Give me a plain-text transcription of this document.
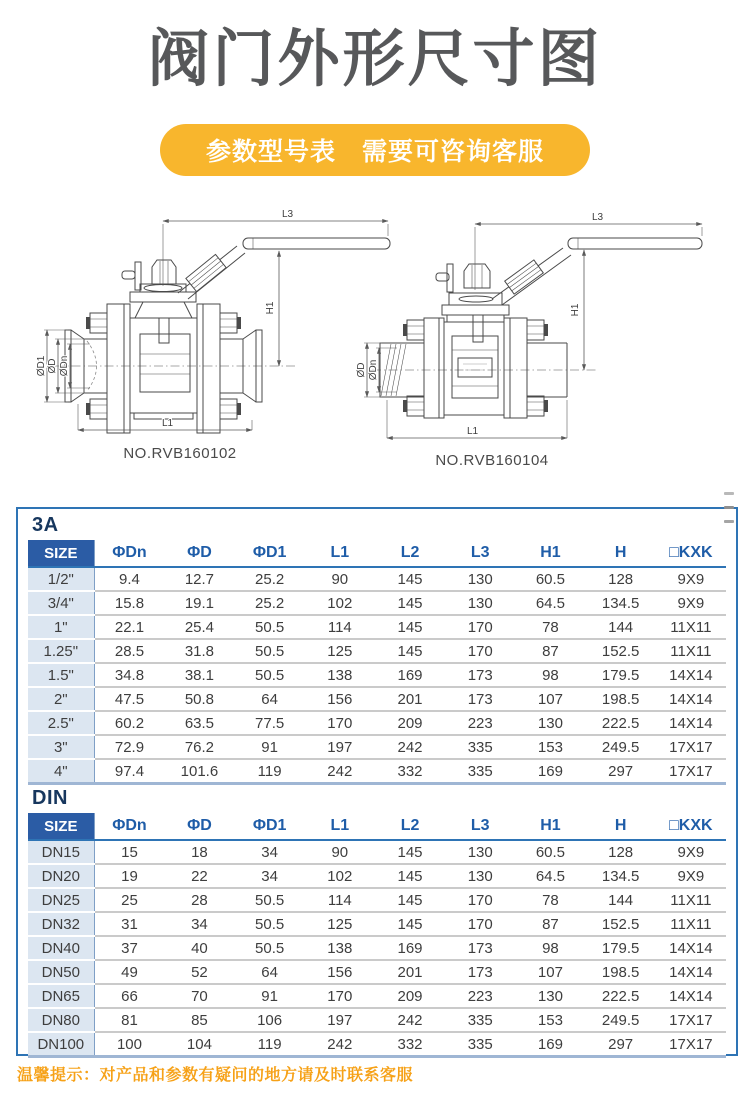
阀门外形尺寸图
参数型号表　需要可咨询客服
L3
H1
ØD1 ØD ØDn
L1
NO.RVB160102
L3
H1
ØD ØDn
L1
NO.RVB160104
3A
SIZE	ΦDn	ΦD	ΦD1	L1	L2	L3	H1	H	□KXK
1/2"	9.4	12.7	25.2	90	145	130	60.5	128	9X9
3/4"	15.8	19.1	25.2	102	145	130	64.5	134.5	9X9
1"	22.1	25.4	50.5	114	145	170	78	144	11X11
1.25"	28.5	31.8	50.5	125	145	170	87	152.5	11X11
1.5"	34.8	38.1	50.5	138	169	173	98	179.5	14X14
2"	47.5	50.8	64	156	201	173	107	198.5	14X14
2.5"	60.2	63.5	77.5	170	209	223	130	222.5	14X14
3"	72.9	76.2	91	197	242	335	153	249.5	17X17
4"	97.4	101.6	119	242	332	335	169	297	17X17
DIN
SIZE	ΦDn	ΦD	ΦD1	L1	L2	L3	H1	H	□KXK
DN15	15	18	34	90	145	130	60.5	128	9X9
DN20	19	22	34	102	145	130	64.5	134.5	9X9
DN25	25	28	50.5	114	145	170	78	144	11X11
DN32	31	34	50.5	125	145	170	87	152.5	11X11
DN40	37	40	50.5	138	169	173	98	179.5	14X14
DN50	49	52	64	156	201	173	107	198.5	14X14
DN65	66	70	91	170	209	223	130	222.5	14X14
DN80	81	85	106	197	242	335	153	249.5	17X17
DN100	100	104	119	242	332	335	169	297	17X17
温馨提示：对产品和参数有疑问的地方请及时联系客服
